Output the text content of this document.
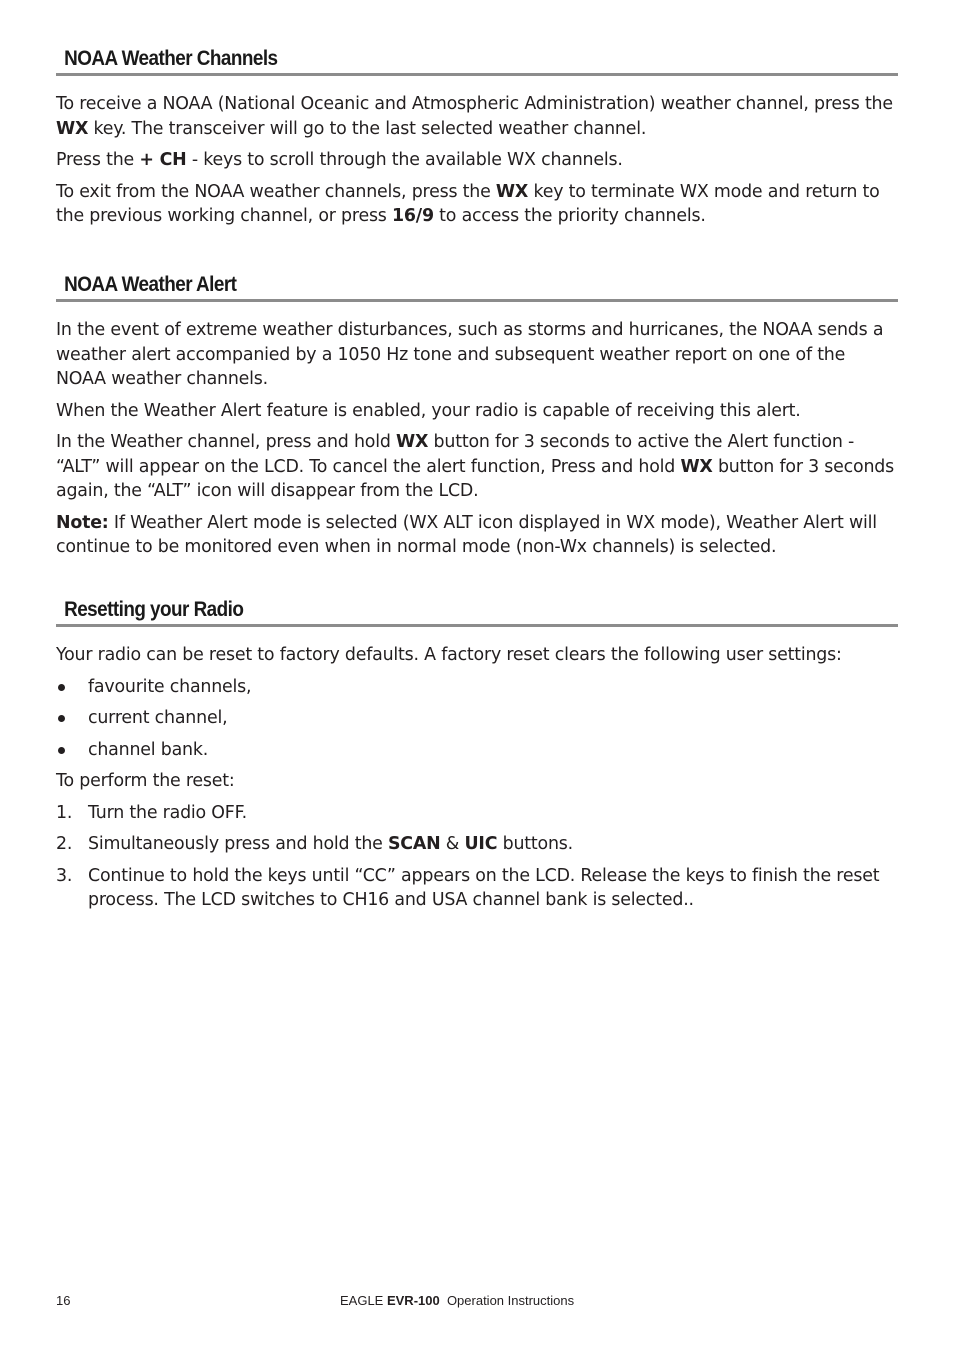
NOAA Weather Channels

To receive a NOAA (National Oceanic and Atmospheric Administration) weather channel, press the WX key. The transceiver will go to the last selected weather channel.

Press the + CH - keys to scroll through the available WX channels.

To exit from the NOAA weather channels, press the WX key to terminate WX mode and return to the previous working channel, or press 16/9 to access the priority channels.

NOAA Weather Alert

In the event of extreme weather disturbances, such as storms and hurricanes, the NOAA sends a weather alert accompanied by a 1050 Hz tone and subsequent weather report on one of the NOAA weather channels.

When the Weather Alert feature is enabled, your radio is capable of receiving this alert.

In the Weather channel, press and hold WX button for 3 seconds to active the Alert function - “ALT” will appear on the LCD. To cancel the alert function, Press and hold WX button for 3 seconds again, the “ALT” icon will disappear from the LCD.

Note: If Weather Alert mode is selected (WX ALT icon displayed in WX mode), Weather Alert will continue to be monitored even when in normal mode (non-Wx channels) is selected.

Resetting your Radio

Your radio can be reset to factory defaults. A factory reset clears the following user settings:

favourite channels,
current channel,
channel bank.

To perform the reset:

1. Turn the radio OFF.
2. Simultaneously press and hold the SCAN & UIC buttons.
3. Continue to hold the keys until “CC” appears on the LCD. Release the keys to finish the reset process. The LCD switches to CH16 and USA channel bank is selected..
16	EAGLE EVR-100  Operation Instructions
